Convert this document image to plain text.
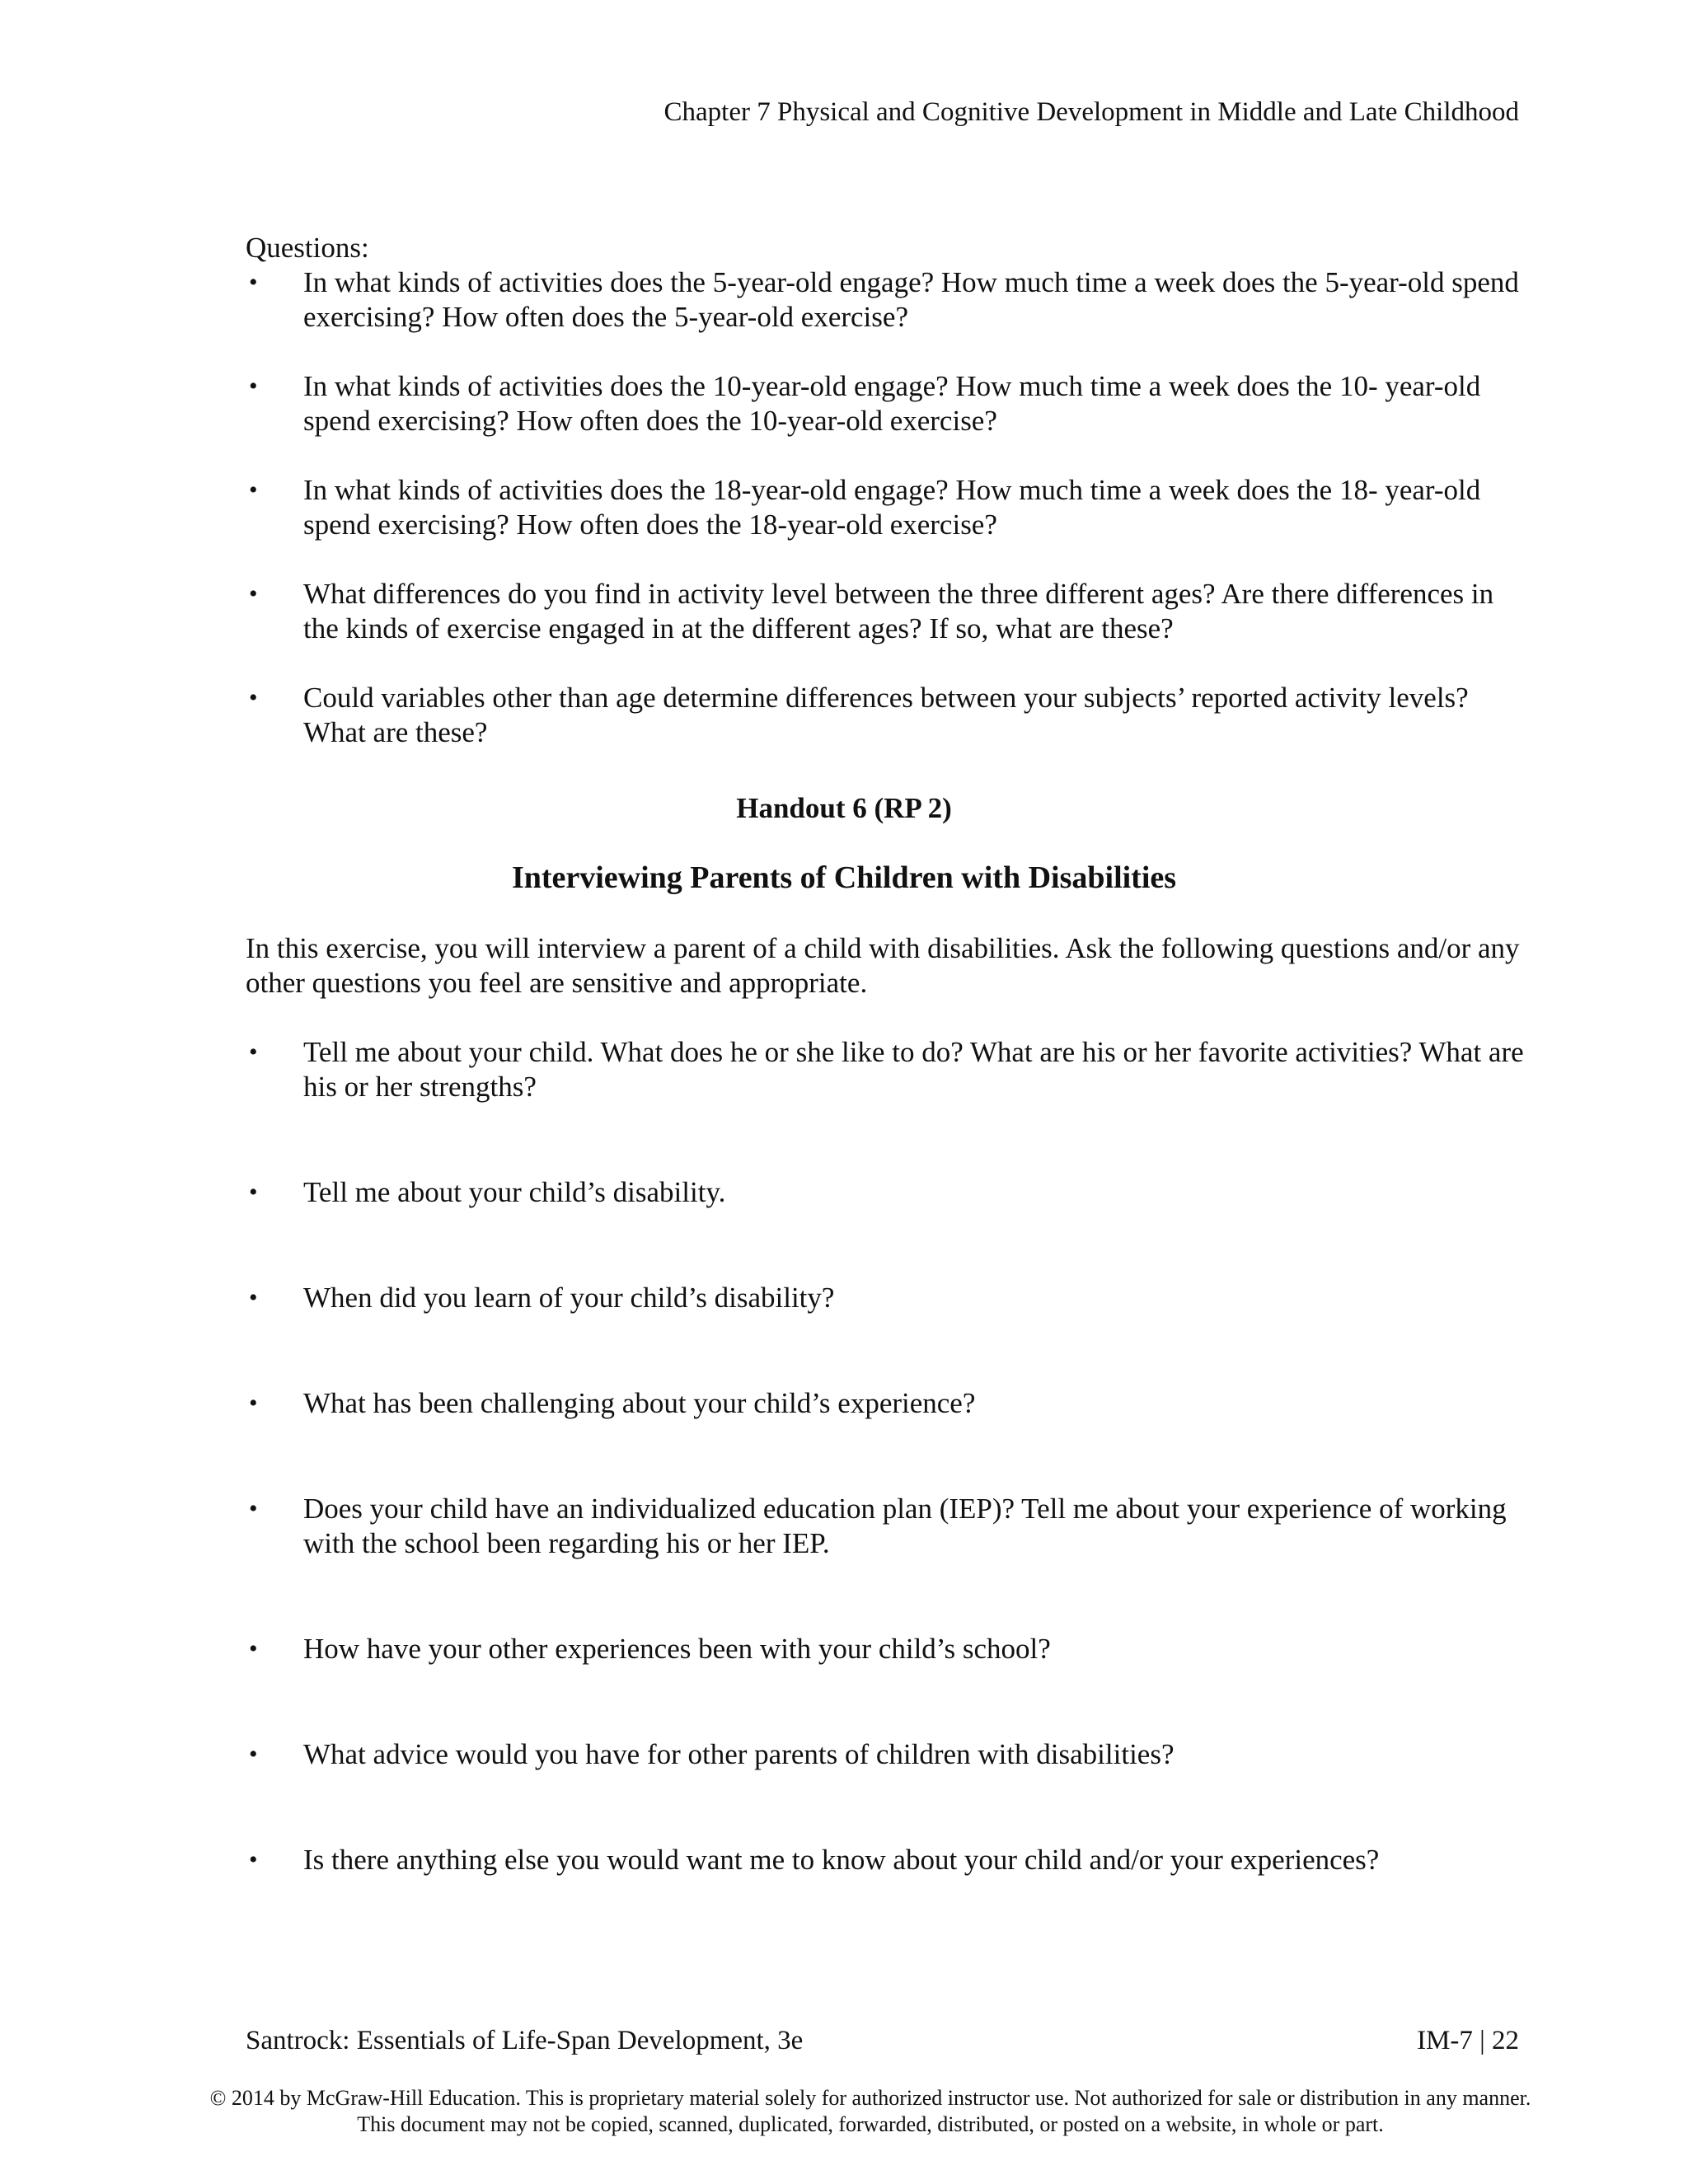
Chapter 7 Physical and Cognitive Development in Middle and Late Childhood
Questions:
• In what kinds of activities does the 5-year-old engage? How much time a week does the 5-year-old spend exercising? How often does the 5-year-old exercise?
• In what kinds of activities does the 10-year-old engage? How much time a week does the 10- year-old spend exercising? How often does the 10-year-old exercise?
• In what kinds of activities does the 18-year-old engage? How much time a week does the 18- year-old spend exercising? How often does the 18-year-old exercise?
• What differences do you find in activity level between the three different ages? Are there differences in the kinds of exercise engaged in at the different ages? If so, what are these?
• Could variables other than age determine differences between your subjects’ reported activity levels? What are these?
Handout 6 (RP 2)
Interviewing Parents of Children with Disabilities
In this exercise, you will interview a parent of a child with disabilities. Ask the following questions and/or any other questions you feel are sensitive and appropriate.
• Tell me about your child. What does he or she like to do? What are his or her favorite activities? What are his or her strengths?
• Tell me about your child’s disability.
• When did you learn of your child’s disability?
• What has been challenging about your child’s experience?
• Does your child have an individualized education plan (IEP)? Tell me about your experience of working with the school been regarding his or her IEP.
• How have your other experiences been with your child’s school?
• What advice would you have for other parents of children with disabilities?
• Is there anything else you would want me to know about your child and/or your experiences?
Santrock: Essentials of Life-Span Development, 3e	IM-7 | 22
© 2014 by McGraw-Hill Education. This is proprietary material solely for authorized instructor use. Not authorized for sale or distribution in any manner. This document may not be copied, scanned, duplicated, forwarded, distributed, or posted on a website, in whole or part.
